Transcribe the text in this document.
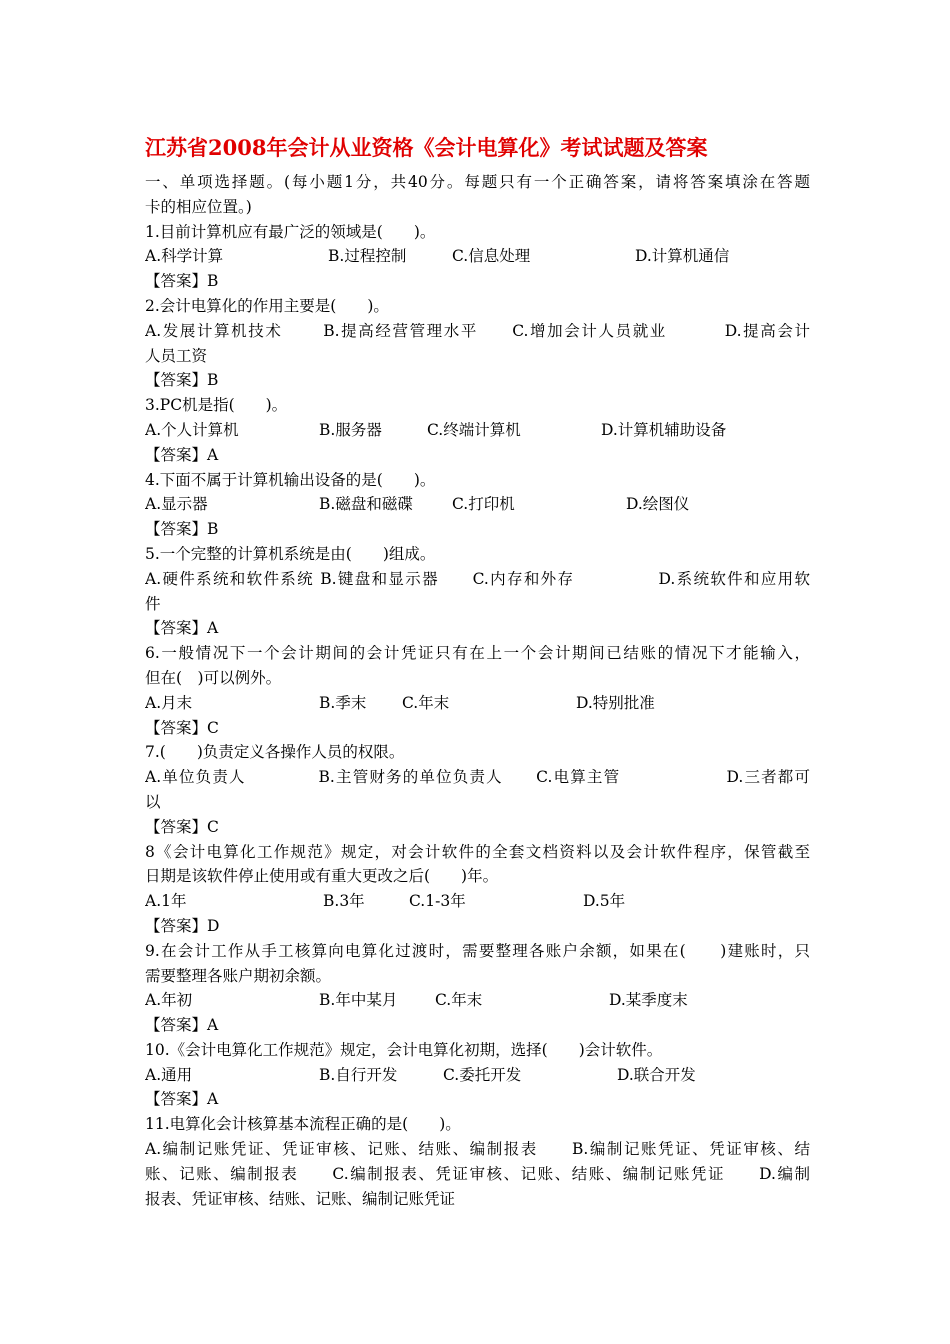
江苏省2008年会计从业资格《会计电算化》考试试题及答案
一、单项选择题。(每小题1分，共40分。每题只有一个正确答案，请将答案填涂在答题
卡的相应位置。)
1.目前计算机应有最广泛的领域是(　　)。
A.科学计算	B.过程控制	C.信息处理	D.计算机通信
【答案】B
2.会计电算化的作用主要是(　　)。
A.发展计算机技术　　 B.提高经营管理水平　　C.增加会计人员就业　　　 D.提高会计
人员工资
【答案】B
3.PC机是指(　　)。
A.个人计算机	B.服务器	C.终端计算机	D.计算机辅助设备
【答案】A
4.下面不属于计算机输出设备的是(　　)。
A.显示器	B.磁盘和磁碟	C.打印机	D.绘图仪
【答案】B
5.一个完整的计算机系统是由(　　)组成。
A.硬件系统和软件系统 B.键盘和显示器　　C.内存和外存　　　　　D.系统软件和应用软
件
【答案】A
6.一般情况下一个会计期间的会计凭证只有在上一个会计期间已结账的情况下才能输入，
但在(　)可以例外。
A.月末	B.季末 C.年末	D.特别批准
【答案】C
7.(　　)负责定义各操作人员的权限。
A.单位负责人　　　　 B.主管财务的单位负责人　　C.电算主管　　　　　　 D.三者都可
以
【答案】C
8《会计电算化工作规范》规定，对会计软件的全套文档资料以及会计软件程序，保管截至
日期是该软件停止使用或有重大更改之后(　　)年。
A.1年	B.3年	C.1-3年	D.5年
【答案】D
9.在会计工作从手工核算向电算化过渡时，需要整理各账户余额，如果在(　　)建账时，只
需要整理各账户期初余额。
A.年初	B.年中某月 C.年末	D.某季度末
【答案】A
10.《会计电算化工作规范》规定，会计电算化初期，选择(　　)会计软件。
A.通用	B.自行开发	C.委托开发	D.联合开发
【答案】A
11.电算化会计核算基本流程正确的是(　　)。
A.编制记账凭证、凭证审核、记账、结账、编制报表　　B.编制记账凭证、凭证审核、结
账、记账、编制报表　　C.编制报表、凭证审核、记账、结账、编制记账凭证　　D.编制
报表、凭证审核、结账、记账、编制记账凭证
